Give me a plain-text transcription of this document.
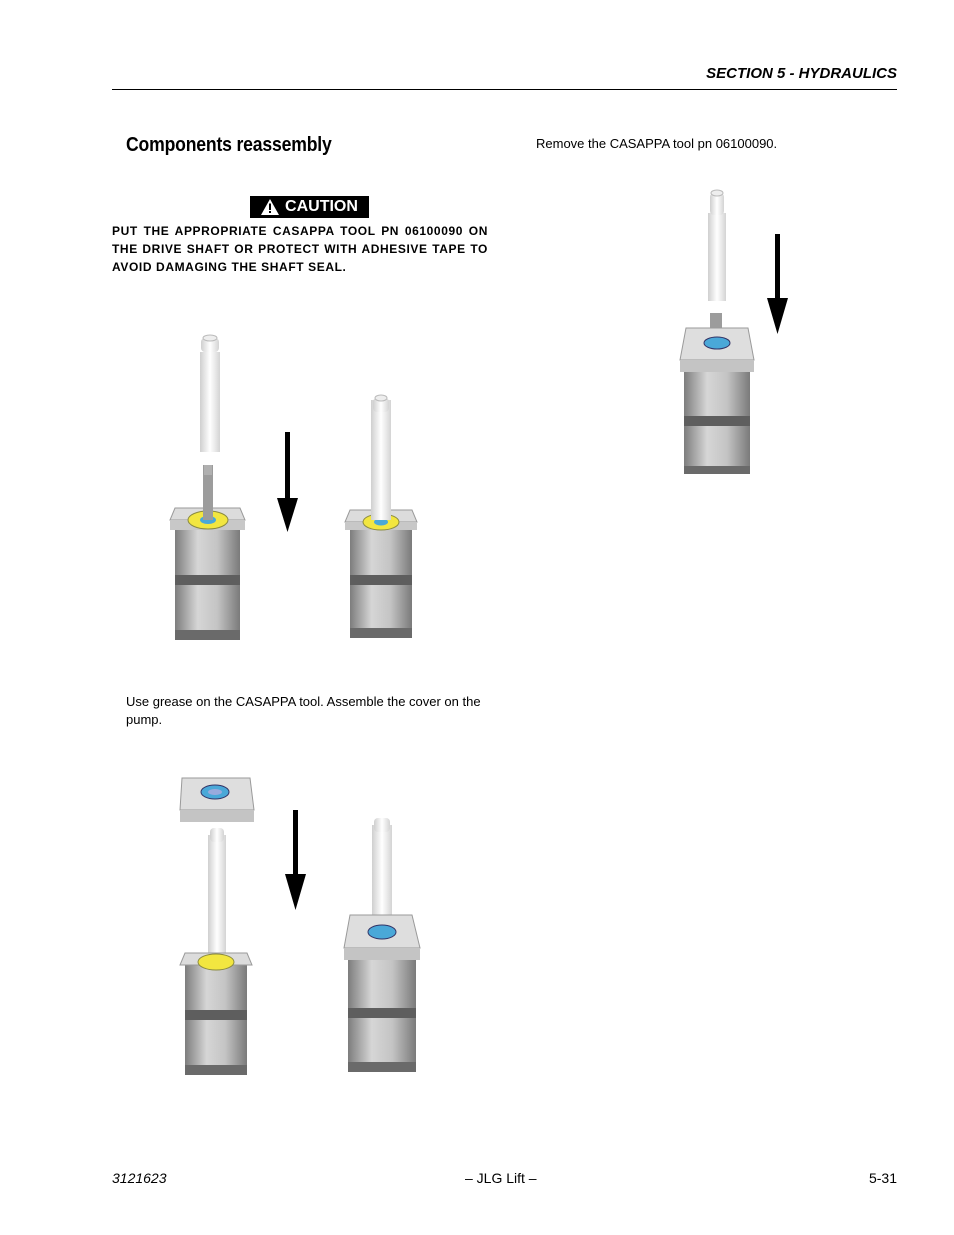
SECTION 5 - HYDRAULICS
Components reassembly
CAUTION
PUT THE APPROPRIATE CASAPPA TOOL PN 06100090 ON THE DRIVE SHAFT OR PROTECT WITH ADHESIVE TAPE TO AVOID DAMAGING THE SHAFT SEAL.
Use grease on the CASAPPA tool. Assemble the cover on the pump.
Remove the CASAPPA tool pn 06100090.
3121623	– JLG Lift –	5-31
